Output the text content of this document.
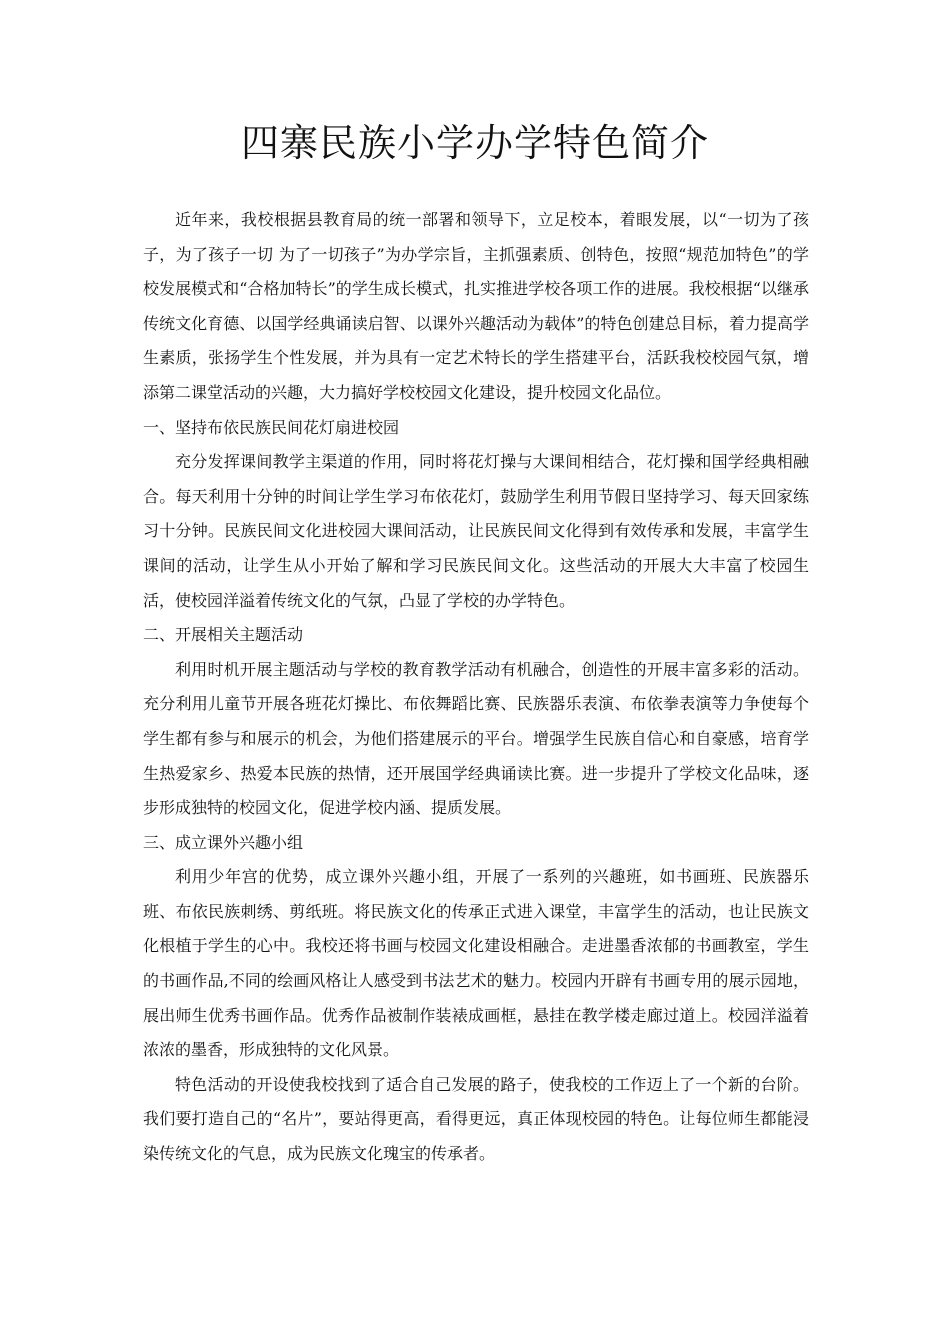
四寨民族小学办学特色简介

近年来，我校根据县教育局的统一部署和领导下，立足校本，着眼发展，以“一切为了孩子，为了孩子一切 为了一切孩子”为办学宗旨，主抓强素质、创特色，按照“规范加特色”的学校发展模式和“合格加特长”的学生成长模式，扎实推进学校各项工作的进展。我校根据“以继承传统文化育德、以国学经典诵读启智、以课外兴趣活动为载体”的特色创建总目标，着力提高学生素质，张扬学生个性发展，并为具有一定艺术特长的学生搭建平台，活跃我校校园气氛，增添第二课堂活动的兴趣，大力搞好学校校园文化建设，提升校园文化品位。

一、坚持布依民族民间花灯扇进校园

充分发挥课间教学主渠道的作用，同时将花灯操与大课间相结合，花灯操和国学经典相融合。每天利用十分钟的时间让学生学习布依花灯，鼓励学生利用节假日坚持学习、每天回家练习十分钟。民族民间文化进校园大课间活动，让民族民间文化得到有效传承和发展，丰富学生课间的活动，让学生从小开始了解和学习民族民间文化。这些活动的开展大大丰富了校园生活，使校园洋溢着传统文化的气氛，凸显了学校的办学特色。

二、开展相关主题活动

利用时机开展主题活动与学校的教育教学活动有机融合，创造性的开展丰富多彩的活动。充分利用儿童节开展各班花灯操比、布依舞蹈比赛、民族器乐表演、布依拳表演等力争使每个学生都有参与和展示的机会，为他们搭建展示的平台。增强学生民族自信心和自豪感，培育学生热爱家乡、热爱本民族的热情，还开展国学经典诵读比赛。进一步提升了学校文化品味，逐步形成独特的校园文化，促进学校内涵、提质发展。

三、成立课外兴趣小组

利用少年宫的优势，成立课外兴趣小组，开展了一系列的兴趣班，如书画班、民族器乐班、布依民族刺绣、剪纸班。将民族文化的传承正式进入课堂，丰富学生的活动，也让民族文化根植于学生的心中。我校还将书画与校园文化建设相融合。走进墨香浓郁的书画教室，学生的书画作品,不同的绘画风格让人感受到书法艺术的魅力。校园内开辟有书画专用的展示园地，展出师生优秀书画作品。优秀作品被制作装裱成画框，悬挂在教学楼走廊过道上。校园洋溢着浓浓的墨香，形成独特的文化风景。

特色活动的开设使我校找到了适合自己发展的路子，使我校的工作迈上了一个新的台阶。我们要打造自己的“名片”，要站得更高，看得更远，真正体现校园的特色。让每位师生都能浸染传统文化的气息，成为民族文化瑰宝的传承者。
